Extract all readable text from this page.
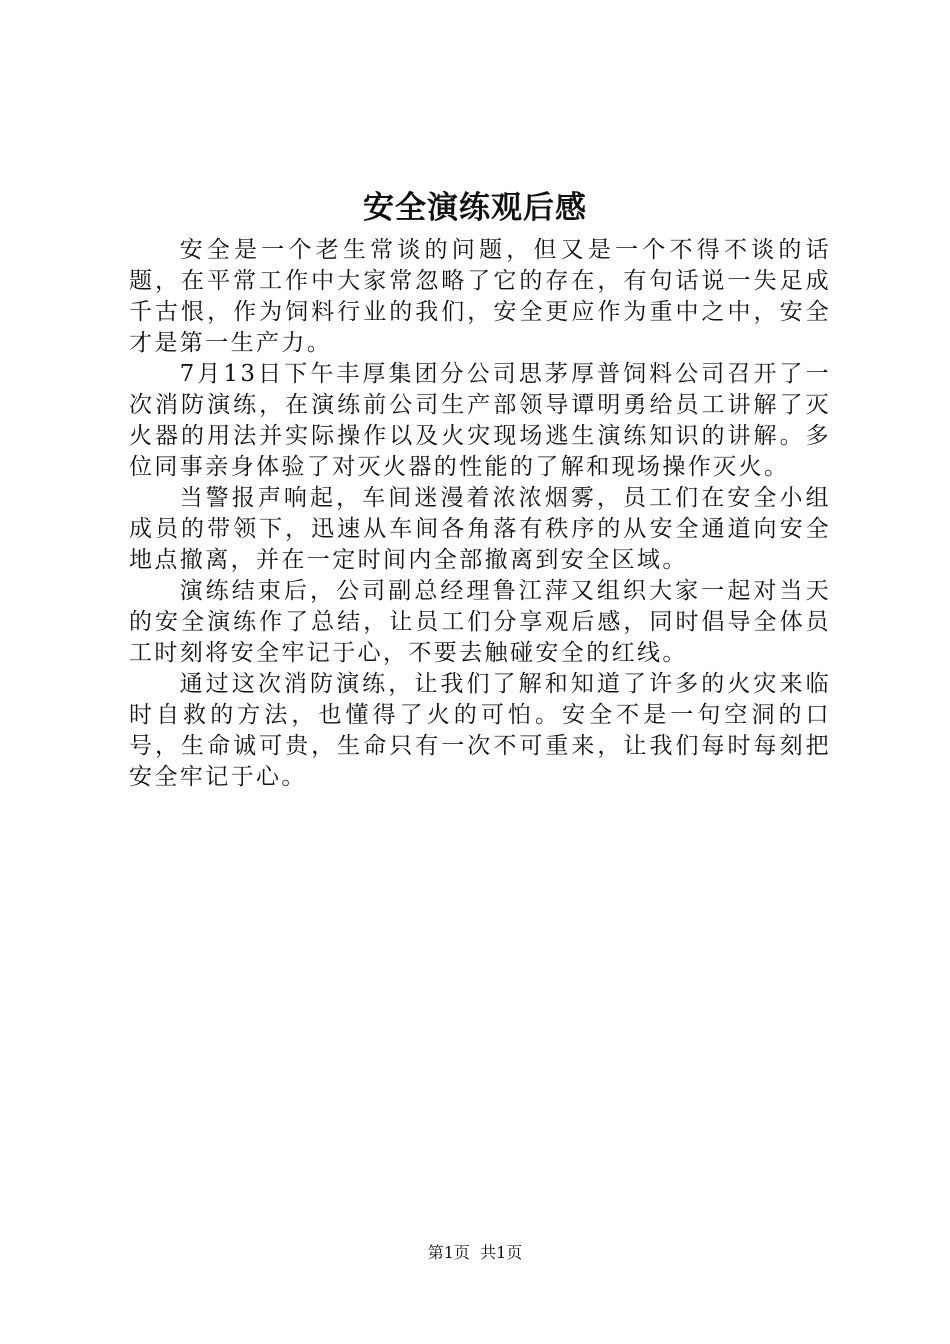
安全演练观后感

安全是一个老生常谈的问题，但又是一个不得不谈的话题，在平常工作中大家常忽略了它的存在，有句话说一失足成千古恨，作为饲料行业的我们，安全更应作为重中之中，安全才是第一生产力。

7月13日下午丰厚集团分公司思茅厚普饲料公司召开了一次消防演练，在演练前公司生产部领导谭明勇给员工讲解了灭火器的用法并实际操作以及火灾现场逃生演练知识的讲解。多位同事亲身体验了对灭火器的性能的了解和现场操作灭火。

当警报声响起，车间迷漫着浓浓烟雾，员工们在安全小组成员的带领下，迅速从车间各角落有秩序的从安全通道向安全地点撤离，并在一定时间内全部撤离到安全区域。

演练结束后，公司副总经理鲁江萍又组织大家一起对当天的安全演练作了总结，让员工们分享观后感，同时倡导全体员工时刻将安全牢记于心，不要去触碰安全的红线。

通过这次消防演练，让我们了解和知道了许多的火灾来临时自救的方法，也懂得了火的可怕。安全不是一句空洞的口号，生命诚可贵，生命只有一次不可重来，让我们每时每刻把安全牢记于心。

第1页  共1页
